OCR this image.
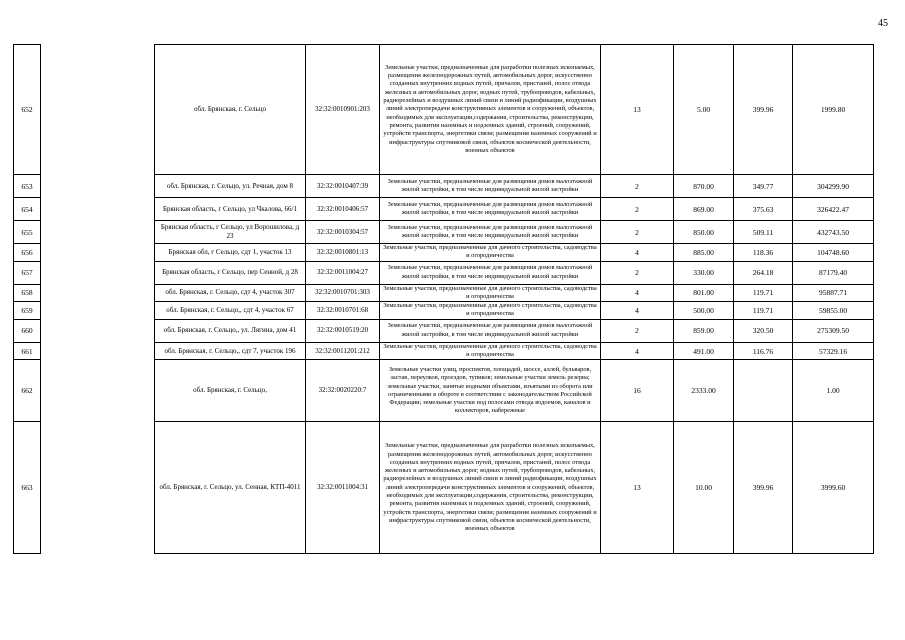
45
652		обл. Брянская, г. Сельцо	32:32:0010901:203	Земельные участки, предназначенные для разработки полезных ископаемых, размещения железнодорожных путей, автомобильных дорог, искусственно созданных внутренних водных путей, причалов, пристаней, полос отвода железных и автомобильных дорог, водных путей, трубопроводов, кабельных, радиорелейных и воздушных линий связи и линий радиофикации, воздушных линий электропередачи конструктивных элементов и сооружений, объектов, необходимых для эксплуатации,содержания, строительства, реконструкции, ремонта, развития наземных и подземных зданий, строений, сооружений, устройств транспорта, энергетики связи; размещения наземных сооружений и инфраструктуры спутниковой связи, объектов космической деятельности, военных объектов	13	5.00	399.96	1999.80
653		обл. Брянская, г. Сельцо, ул. Речная, дом 8	32:32:0010407:39	Земельные участки, предназначенные для размещения домов малоэтажной жилой застройки, в том числе индивидуальной жилой застройки	2	870.00	349.77	304299.90
654		Брянская область, г Сельцо, ул Чкалова, 66/1	32:32:0010406:57	Земельные участки, предназначенные для размещения домов малоэтажной жилой застройки, в том числе индивидуальной жилой застройки	2	869.00	375.63	326422.47
655		Брянская область, г Сельцо, ул Ворошилова, д 23	32:32:0010304:57	Земельные участки, предназначенные для размещения домов малоэтажной жилой застройки, в том числе индивидуальной жилой застройки	2	850.00	509.11	432743.50
656		Брянская обл, г Сельцо, сдт 1, участок 13	32:32:0010801:13	Земельные участки, предназначенные для дачного строительства, садоводства и огородничества	4	885.00	118.36	104748.60
657		Брянская область, г Сельцо, пер Сенной, д 28	32:32:0011004:27	Земельные участки, предназначенные для размещения домов малоэтажной жилой застройки, в том числе индивидуальной жилой застройки	2	330.00	264.18	87179.40
658		обл. Брянская, г. Сельцо, сдт 4, участок 307	32:32:0010701:303	Земельные участки, предназначенные для дачного строительства, садоводства и огородничества	4	801.00	119.71	95887.71
659		обл. Брянская, г. Сельцо,, сдт 4, участок 67	32:32:0010701:68	Земельные участки, предназначенные для дачного строительства, садоводства и огородничества	4	500.00	119.71	59855.00
660		обл. Брянская, г. Сельцо,, ул. Лягина, дом 41	32:32:0010519:20	Земельные участки, предназначенные для размещения домов малоэтажной жилой застройки, в том числе индивидуальной жилой застройки	2	859.00	320.50	275309.50
661		обл. Брянская, г. Сельцо,, сдт 7, участок 196	32:32:0011201:212	Земельные участки, предназначенные для дачного строительства, садоводства и огородничества	4	491.00	116.76	57329.16
662		обл. Брянская, г. Сельцо,	32:32:0020220:7	Земельные участки улиц, проспектов, площадей, шоссе, аллей, бульваров, застав, переулков, проездов, тупиков; земельные участки земель резерва; земельные участки, занятые водными объектами, изъятыми из оборота или ограниченными в обороте в соответствии с законодательством Российской Федерации; земельные участки под полосами отвода водоемов, каналов и коллекторов, набережные	16	2333.00		1.00
663		обл. Брянская, г. Сельцо, ул. Сенная, КТП-4011	32:32:0011004:31	Земельные участки, предназначенные для разработки полезных ископаемых, размещения железнодорожных путей, автомобильных дорог, искусственно созданных внутренних водных путей, причалов, пристаней, полос отвода железных и автомобильных дорог, водных путей, трубопроводов, кабельных, радиорелейных и воздушных линий связи и линий радиофикации, воздушных линий электропередачи конструктивных элементов и сооружений, объектов, необходимых для эксплуатации,содержания, строительства, реконструкции, ремонта, развития наземных и подземных зданий, строений, сооружений, устройств транспорта, энергетики связи; размещения наземных сооружений и инфраструктуры спутниковой связи, объектов космической деятельности, военных объектов	13	10.00	399.96	3999.60
